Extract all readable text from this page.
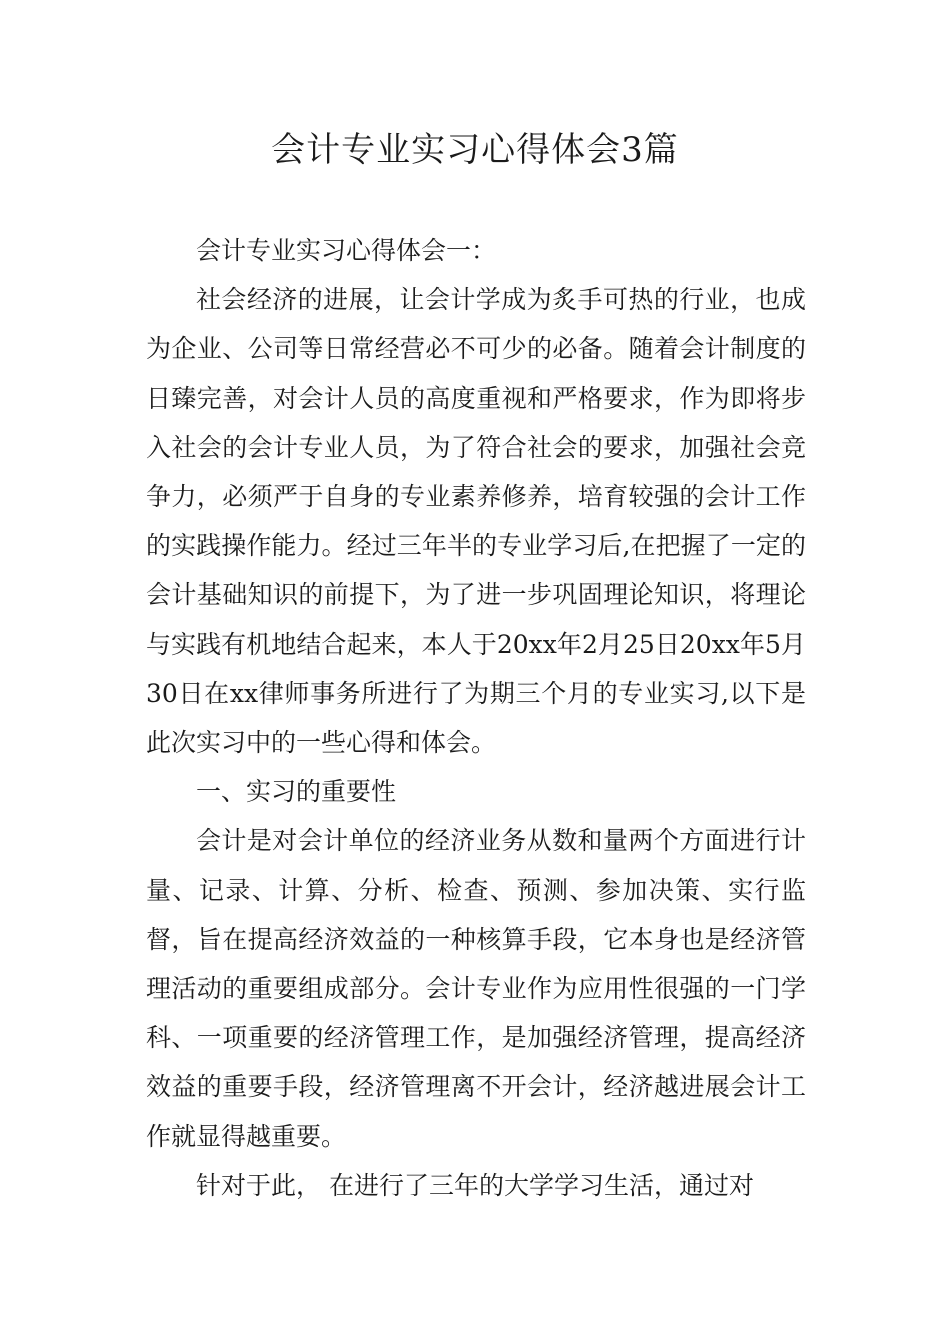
会计专业实习心得体会3篇

会计专业实习心得体会一：

社会经济的进展，让会计学成为炙手可热的行业，也成为企业、公司等日常经营必不可少的必备。随着会计制度的日臻完善，对会计人员的高度重视和严格要求，作为即将步入社会的会计专业人员，为了符合社会的要求，加强社会竞争力，必须严于自身的专业素养修养，培育较强的会计工作的实践操作能力。经过三年半的专业学习后,在把握了一定的会计基础知识的前提下，为了进一步巩固理论知识，将理论与实践有机地结合起来，本人于20xx年2月25日20xx年5月30日在xx律师事务所进行了为期三个月的专业实习,以下是此次实习中的一些心得和体会。

一、实习的重要性

会计是对会计单位的经济业务从数和量两个方面进行计量、记录、计算、分析、检查、预测、参加决策、实行监督，旨在提高经济效益的一种核算手段，它本身也是经济管理活动的重要组成部分。会计专业作为应用性很强的一门学科、一项重要的经济管理工作，是加强经济管理，提高经济效益的重要手段，经济管理离不开会计，经济越进展会计工作就显得越重要。

针对于此， 在进行了三年的大学学习生活，通过对
